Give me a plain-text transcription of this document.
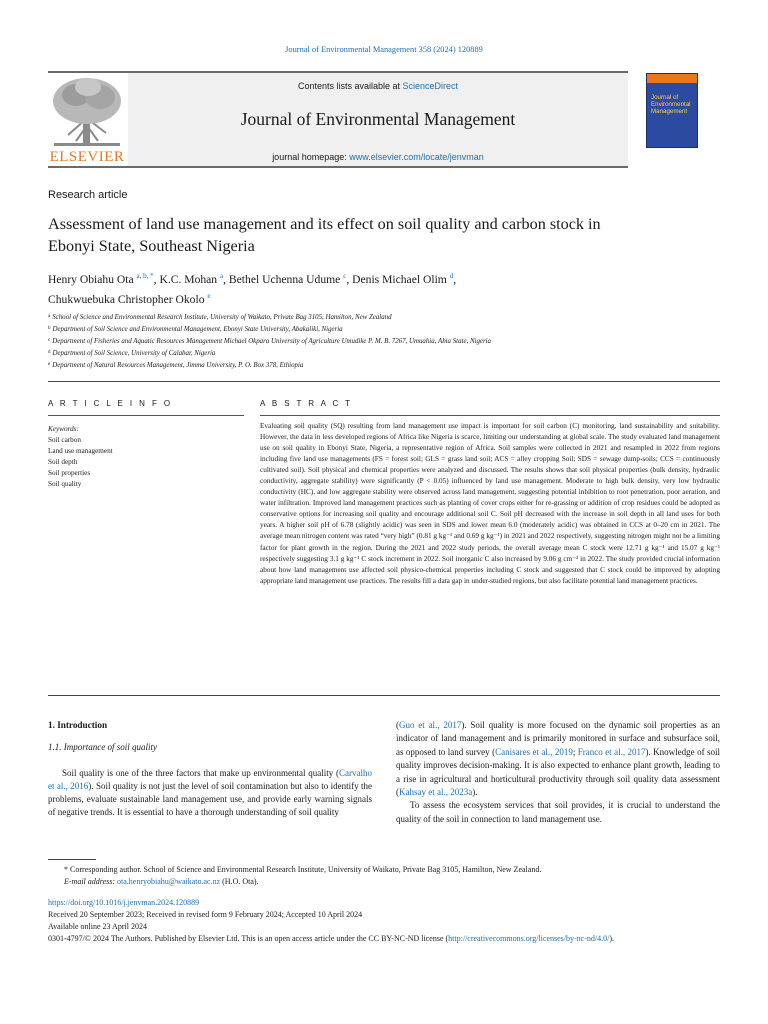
Journal of Environmental Management 358 (2024) 120889
ELSEVIER
Contents lists available at ScienceDirect
Journal of Environmental Management
journal homepage: www.elsevier.com/locate/jenvman
Journal of Environmental Management
Research article
Assessment of land use management and its effect on soil quality and carbon stock in Ebonyi State, Southeast Nigeria
Henry Obiahu Ota $^{a, b, *}$, K.C. Mohan $^a$, Bethel Uchenna Udume $^c$, Denis Michael Olim $^d$,
Chukwuebuka Christopher Okolo $^e$
$^a$ School of Science and Environmental Research Institute, University of Waikato, Private Bag 3105, Hamilton, New Zealand
$^b$ Department of Soil Science and Environmental Management, Ebonyi State University, Abakaliki, Nigeria
$^c$ Department of Fisheries and Aquatic Resources Management Michael Okpara University of Agriculture Umudike P. M. B. 7267, Umuahia, Abia State, Nigeria
$^d$ Department of Soil Science, University of Calabar, Nigeria
$^e$ Department of Natural Resources Management, Jimma University, P. O. Box 378, Ethiopia
A R T I C L E I N F O
Keywords:
Soil carbon
Land use management
Soil depth
Soil properties
Soil quality
A B S T R A C T
Evaluating soil quality (SQ) resulting from land management use impact is important for soil carbon (C) monitoring, land sustainability and suitability. However, the data in less developed regions of Africa like Nigeria is scarce, limiting our understanding at global scale. The study evaluated land management use on soil quality in Ebonyi State, Nigeria, a representative region of Africa. Soil samples were collected in 2021 and resampled in 2022 from regions including five land use managements (FS = forest soil; GLS = grass land soil; ACS = alley cropping Soil; SDS = sewage dump-soils; CCS = continuously cultivated soil). Soil physical and chemical properties were analyzed and discussed. The results shows that soil physical properties (bulk density, hydraulic conductivity, aggregate stability) were significantly (P < 0.05) influenced by land use management. Moderate to high bulk density, very low hydraulic conductivity (HC), and low aggregate stability were observed across land management, suggesting potential inhibition to root penetration, poor aeration, and water infiltration. Improved land management practices such as planting of cover crops either for re-grassing or addition of crop residues could be adopted as conservative options for increasing soil quality and encourage additional soil C. Soil pH decreased with the increase in soil depth in all land uses for both years. A higher soil pH of 6.78 (slightly acidic) was seen in SDS and lower mean 6.0 (moderately acidic) was obtained in CCS at 0–20 cm in 2021. The average mean nitrogen content was rated “very high” (0.81 g kg⁻¹ and 0.69 g kg⁻¹) in 2021 and 2022 respectively, suggesting nitrogen might not be a limiting factor for plant growth in the region. During the 2021 and 2022 study periods, the overall average mean C stock were 12.71 g kg⁻¹ and 15.07 g kg⁻¹ respectively suggesting 3.1 g kg⁻¹ C stock increment in 2022. Soil inorganic C also increased by 9.06 g cm⁻² in 2022. The study provided crucial information about how land management use affected soil physico-chemical properties including C stock and suggested that C stock could be improved by adopting appropriate land management use practices. The results fill a data gap in under-studied regions, but also facilitate potential land management practices.
1. Introduction
1.1. Importance of soil quality
Soil quality is one of the three factors that make up environmental quality (Carvalho et al., 2016). Soil quality is not just the level of soil contamination but also to identify the problems, evaluate sustainable land management use, and provide early warning signals of negative trends. It is essential to have a thorough understanding of soil quality
(Guo et al., 2017). Soil quality is more focused on the dynamic soil properties as an indicator of land management and is primarily monitored in surface and subsurface soil, as opposed to land survey (Canisares et al., 2019; Franco et al., 2017). Knowledge of soil quality improves decision-making. It is also expected to enhance plant growth, leading to a rise in agricultural and horticultural productivity through soil quality data assessment (Kahsay et al., 2023a).
To assess the ecosystem services that soil provides, it is crucial to understand the quality of the soil in connection to land management use.
* Corresponding author. School of Science and Environmental Research Institute, University of Waikato, Private Bag 3105, Hamilton, New Zealand.
E-mail address: ota.henryobiahu@waikato.ac.nz (H.O. Ota).
https://doi.org/10.1016/j.jenvman.2024.120889
Received 20 September 2023; Received in revised form 9 February 2024; Accepted 10 April 2024
Available online 23 April 2024
0301-4797/© 2024 The Authors. Published by Elsevier Ltd. This is an open access article under the CC BY-NC-ND license (http://creativecommons.org/licenses/by-nc-nd/4.0/).
